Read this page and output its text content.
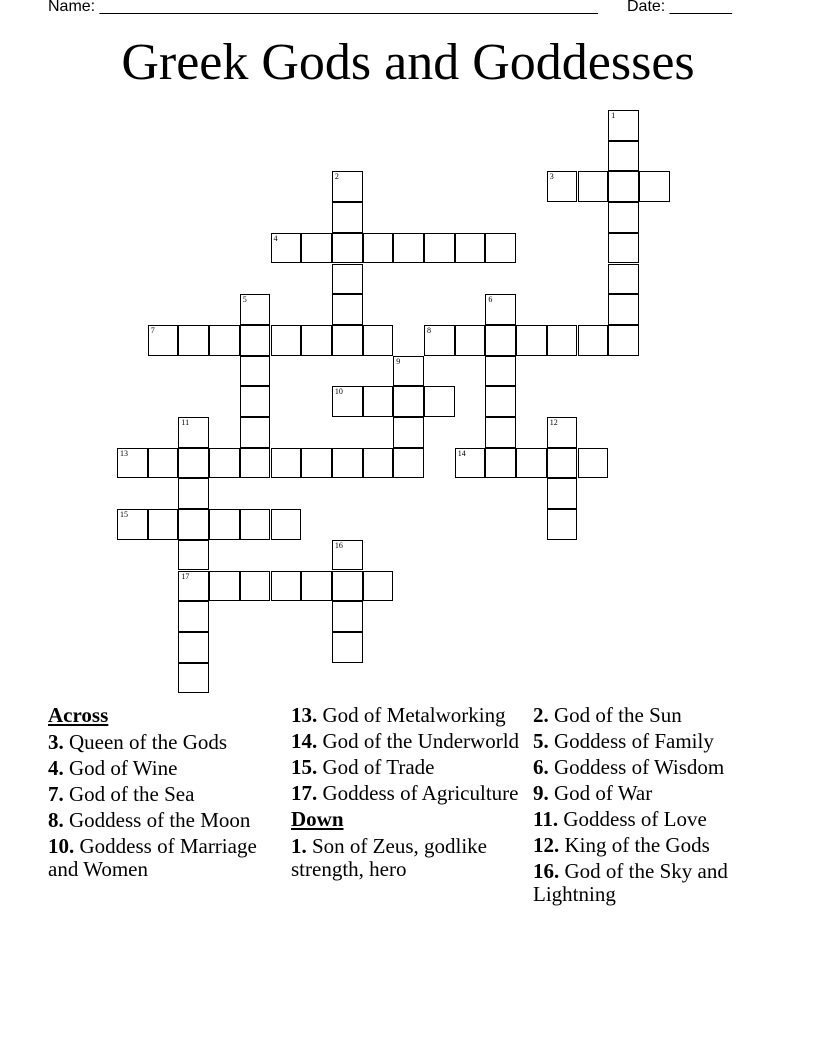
Name: ________________________________________________________ Date: _______
Greek Gods and Goddesses
1
2	3
4
5	6
7	8
9
10
11
17
12
13	14
15
16
Across
3. Queen of the Gods
4. God of Wine
7. God of the Sea
8. Goddess of the Moon
10. Goddess of Marriage and Women
13. God of Metalworking
14. God of the Underworld
15. God of Trade
17. Goddess of Agriculture
Down
1. Son of Zeus, godlike strength, hero
2. God of the Sun
5. Goddess of Family
6. Goddess of Wisdom
9. God of War
11. Goddess of Love
12. King of the Gods
16. God of the Sky and Lightning
